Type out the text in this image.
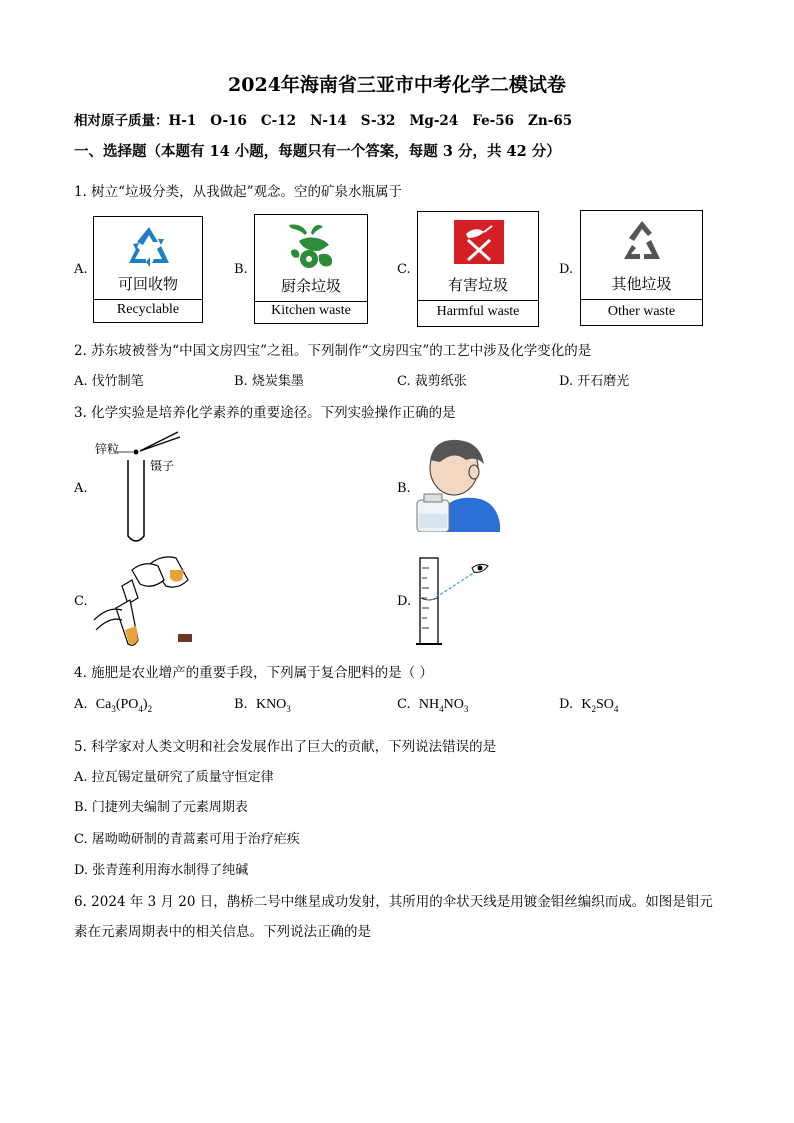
2024年海南省三亚市中考化学二模试卷
相对原子质量：H-1 O-16 C-12 N-14 S-32 Mg-24 Fe-56 Zn-65
一、选择题（本题有 14 小题，每题只有一个答案，每题 3 分，共 42 分）
1. 树立“垃圾分类，从我做起”观念。空的矿泉水瓶属于
A.
可回收物
Recyclable
B.
厨余垃圾
Kitchen waste
C.
有害垃圾
Harmful waste
D.
其他垃圾
Other waste
2. 苏东坡被誉为“中国文房四宝”之祖。下列制作“文房四宝”的工艺中涉及化学变化的是
A. 伐竹制笔	B. 烧炭集墨	C. 裁剪纸张	D. 开石磨光
3. 化学实验是培养化学素养的重要途径。下列实验操作正确的是
A.
锌粒
镊子
B.
C.	D.
4. 施肥是农业增产的重要手段，下列属于复合肥料的是（ ）
A. $Ca_3(PO_4)_2$	B. $KNO_3$	C. $NH_4NO_3$	D. $K_2SO_4$
5. 科学家对人类文明和社会发展作出了巨大的贡献，下列说法错误的是
A. 拉瓦锡定量研究了质量守恒定律
B. 门捷列夫编制了元素周期表
C. 屠呦呦研制的青蒿素可用于治疗疟疾
D. 张青莲利用海水制得了纯碱
6. 2024 年 3 月 20 日，鹊桥二号中继星成功发射，其所用的伞状天线是用镀金钼丝编织而成。如图是钼元
素在元素周期表中的相关信息。下列说法正确的是
